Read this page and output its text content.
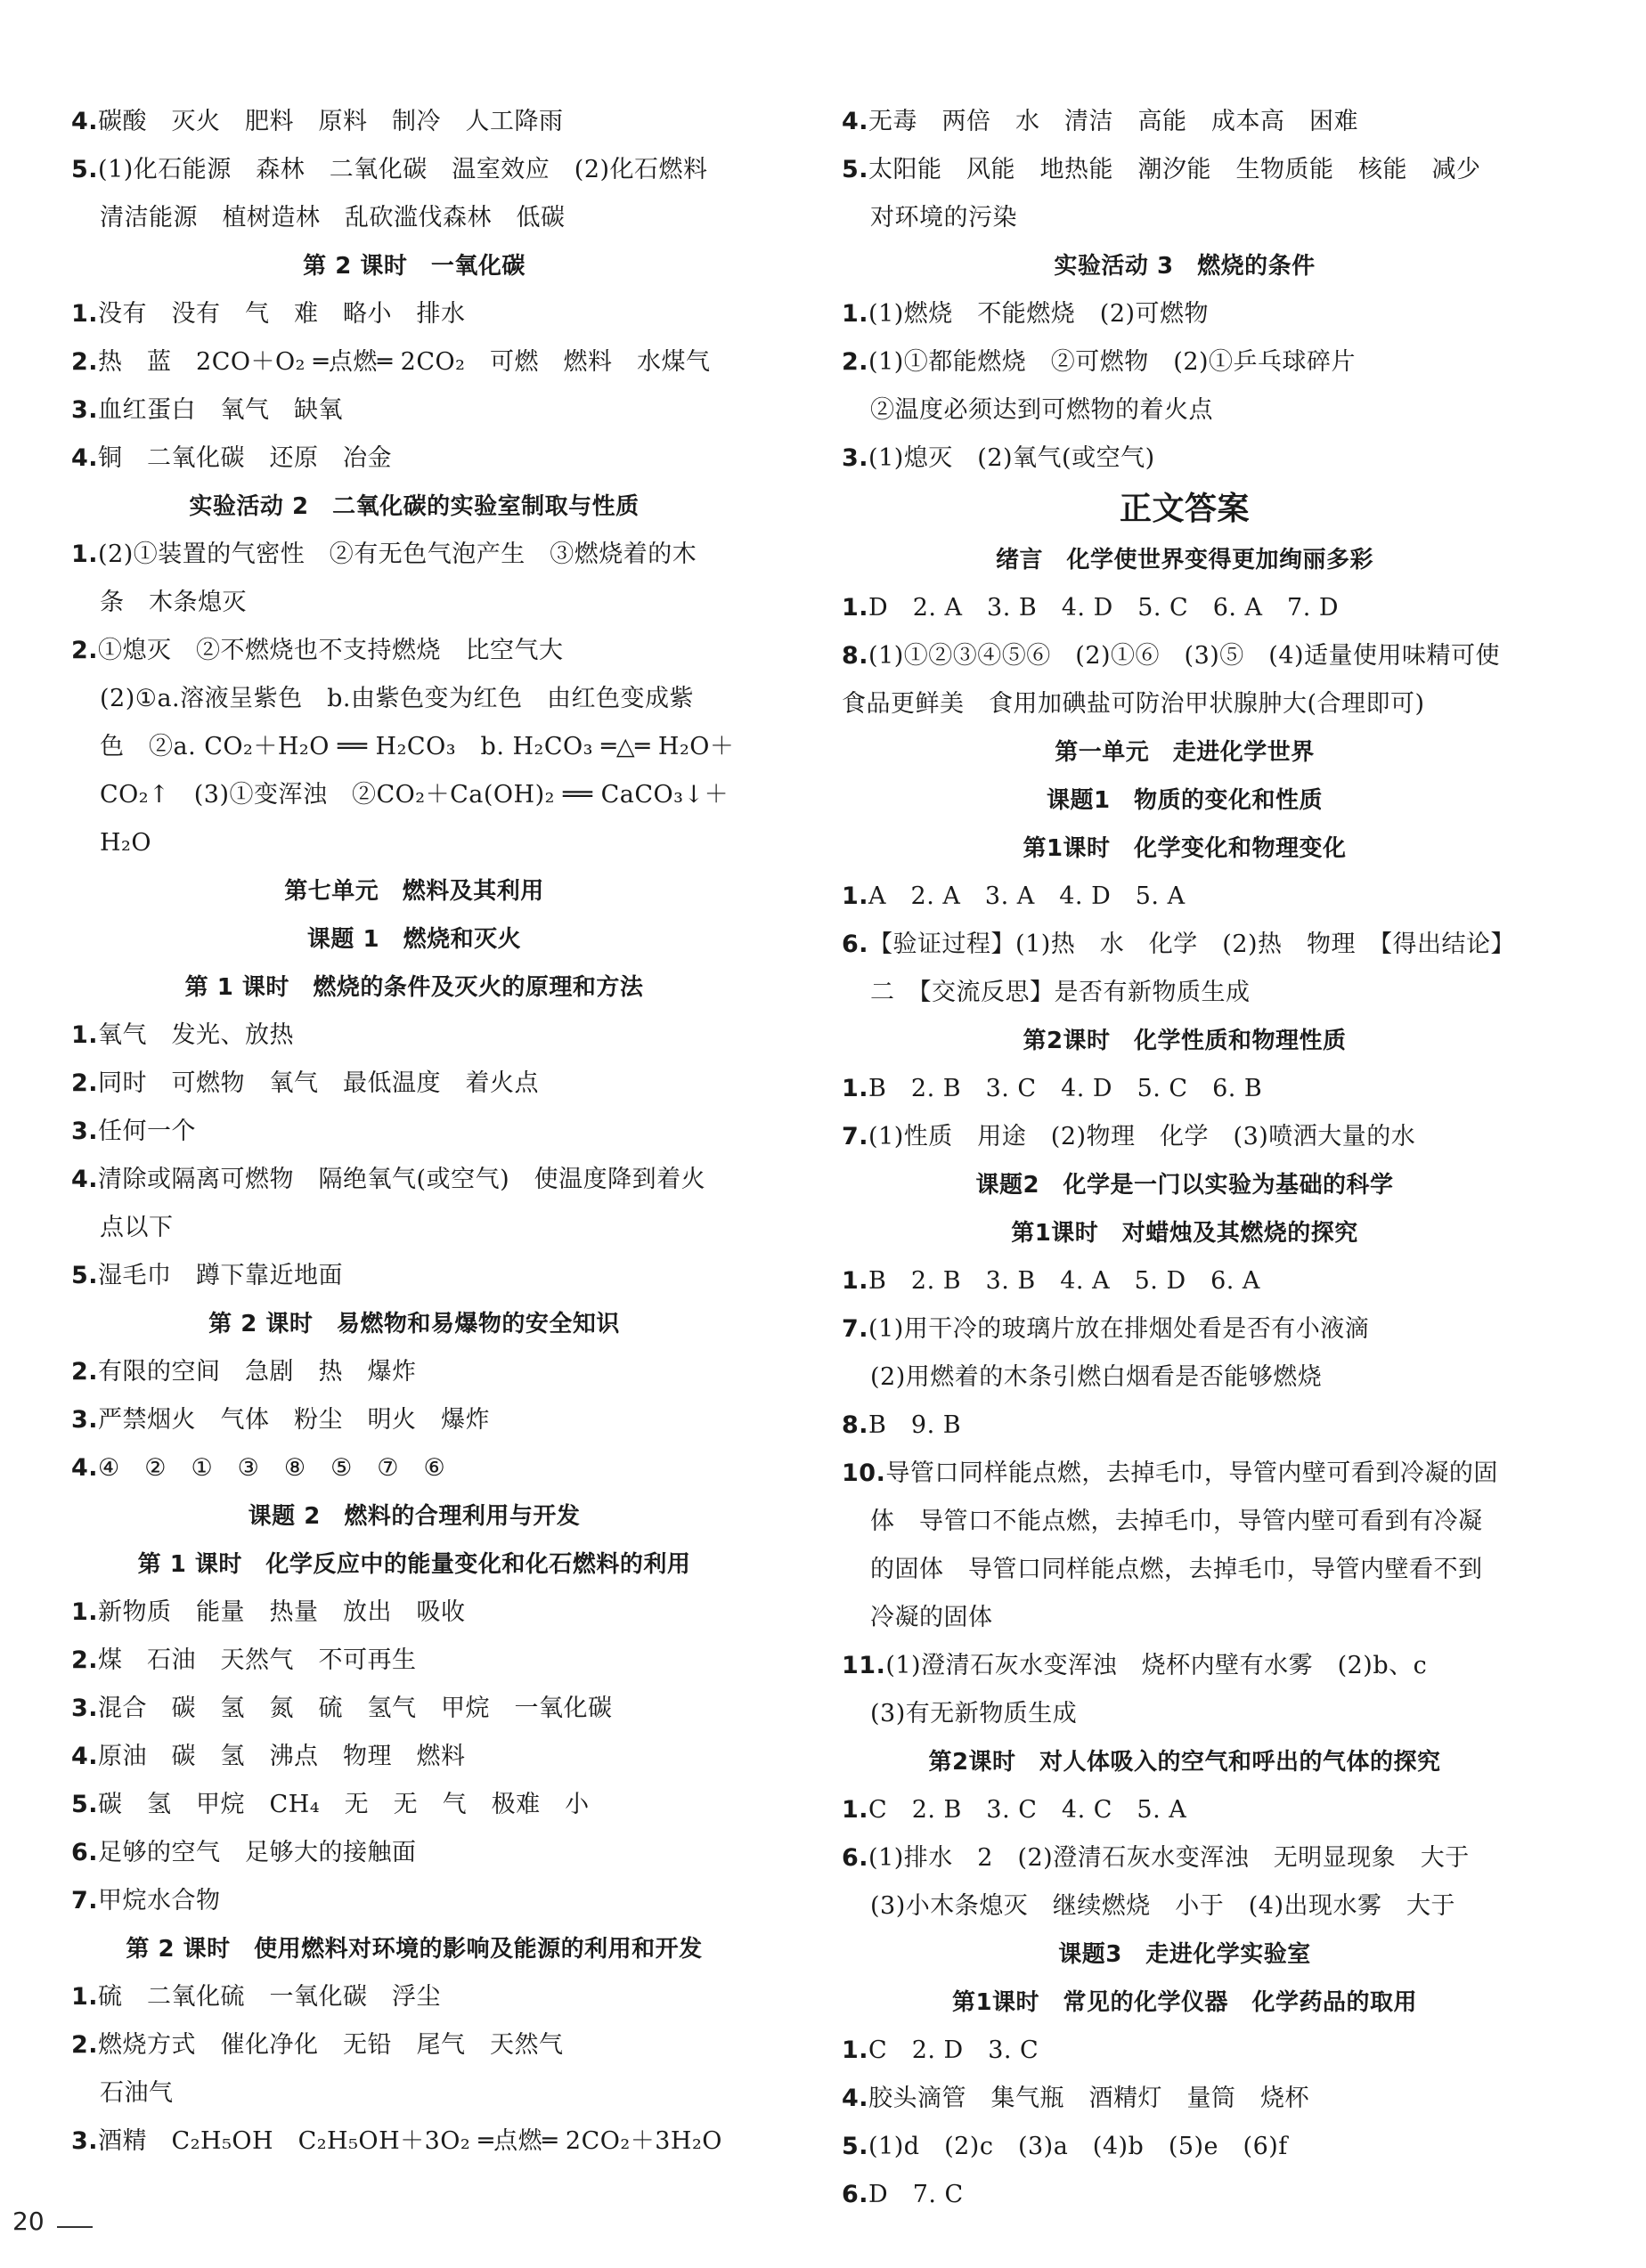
4.碳酸　灭火　肥料　原料　制冷　人工降雨
5.(1)化石能源　森林　二氧化碳　温室效应　(2)化石燃料
清洁能源　植树造林　乱砍滥伐森林　低碳
第 2 课时　一氧化碳
1.没有　没有　气　难　略小　排水
2.热　蓝　2CO＋O₂ ═点燃═ 2CO₂　可燃　燃料　水煤气
3.血红蛋白　氧气　缺氧
4.铜　二氧化碳　还原　冶金
实验活动 2　二氧化碳的实验室制取与性质
1.(2)①装置的气密性　②有无色气泡产生　③燃烧着的木
条　木条熄灭
2.①熄灭　②不燃烧也不支持燃烧　比空气大
(2)①a.溶液呈紫色　b.由紫色变为红色　由红色变成紫
色　②a. CO₂＋H₂O ══ H₂CO₃　b. H₂CO₃ ═△═ H₂O＋
CO₂↑　(3)①变浑浊　②CO₂＋Ca(OH)₂ ══ CaCO₃↓＋
H₂O
第七单元　燃料及其利用
课题 1　燃烧和灭火
第 1 课时　燃烧的条件及灭火的原理和方法
1.氧气　发光、放热
2.同时　可燃物　氧气　最低温度　着火点
3.任何一个
4.清除或隔离可燃物　隔绝氧气(或空气)　使温度降到着火
点以下
5.湿毛巾　蹲下靠近地面
第 2 课时　易燃物和易爆物的安全知识
2.有限的空间　急剧　热　爆炸
3.严禁烟火　气体　粉尘　明火　爆炸
4.④　②　①　③　⑧　⑤　⑦　⑥
课题 2　燃料的合理利用与开发
第 1 课时　化学反应中的能量变化和化石燃料的利用
1.新物质　能量　热量　放出　吸收
2.煤　石油　天然气　不可再生
3.混合　碳　氢　氮　硫　氢气　甲烷　一氧化碳
4.原油　碳　氢　沸点　物理　燃料
5.碳　氢　甲烷　CH₄　无　无　气　极难　小
6.足够的空气　足够大的接触面
7.甲烷水合物
第 2 课时　使用燃料对环境的影响及能源的利用和开发
1.硫　二氧化硫　一氧化碳　浮尘
2.燃烧方式　催化净化　无铅　尾气　天然气
石油气
3.酒精　C₂H₅OH　C₂H₅OH＋3O₂ ═点燃═ 2CO₂＋3H₂O
4.无毒　两倍　水　清洁　高能　成本高　困难
5.太阳能　风能　地热能　潮汐能　生物质能　核能　减少
对环境的污染
实验活动 3　燃烧的条件
1.(1)燃烧　不能燃烧　(2)可燃物
2.(1)①都能燃烧　②可燃物　(2)①乒乓球碎片
②温度必须达到可燃物的着火点
3.(1)熄灭　(2)氧气(或空气)
正文答案
绪言　化学使世界变得更加绚丽多彩
1.D　2. A　3. B　4. D　5. C　6. A　7. D
8.(1)①②③④⑤⑥　(2)①⑥　(3)⑤　(4)适量使用味精可使
食品更鲜美　食用加碘盐可防治甲状腺肿大(合理即可)
第一单元　走进化学世界
课题1　物质的变化和性质
第1课时　化学变化和物理变化
1.A　2. A　3. A　4. D　5. A
6.【验证过程】(1)热　水　化学　(2)热　物理　【得出结论】
二　【交流反思】是否有新物质生成
第2课时　化学性质和物理性质
1.B　2. B　3. C　4. D　5. C　6. B
7.(1)性质　用途　(2)物理　化学　(3)喷洒大量的水
课题2　化学是一门以实验为基础的科学
第1课时　对蜡烛及其燃烧的探究
1.B　2. B　3. B　4. A　5. D　6. A
7.(1)用干冷的玻璃片放在排烟处看是否有小液滴
(2)用燃着的木条引燃白烟看是否能够燃烧
8.B　9. B
10.导管口同样能点燃，去掉毛巾，导管内壁可看到冷凝的固
体　导管口不能点燃，去掉毛巾，导管内壁可看到有冷凝
的固体　导管口同样能点燃，去掉毛巾，导管内壁看不到
冷凝的固体
11.(1)澄清石灰水变浑浊　烧杯内壁有水雾　(2)b、c
(3)有无新物质生成
第2课时　对人体吸入的空气和呼出的气体的探究
1.C　2. B　3. C　4. C　5. A
6.(1)排水　2　(2)澄清石灰水变浑浊　无明显现象　大于
(3)小木条熄灭　继续燃烧　小于　(4)出现水雾　大于
课题3　走进化学实验室
第1课时　常见的化学仪器　化学药品的取用
1.C　2. D　3. C
4.胶头滴管　集气瓶　酒精灯　量筒　烧杯
5.(1)d　(2)c　(3)a　(4)b　(5)e　(6)f
6.D　7. C
20
